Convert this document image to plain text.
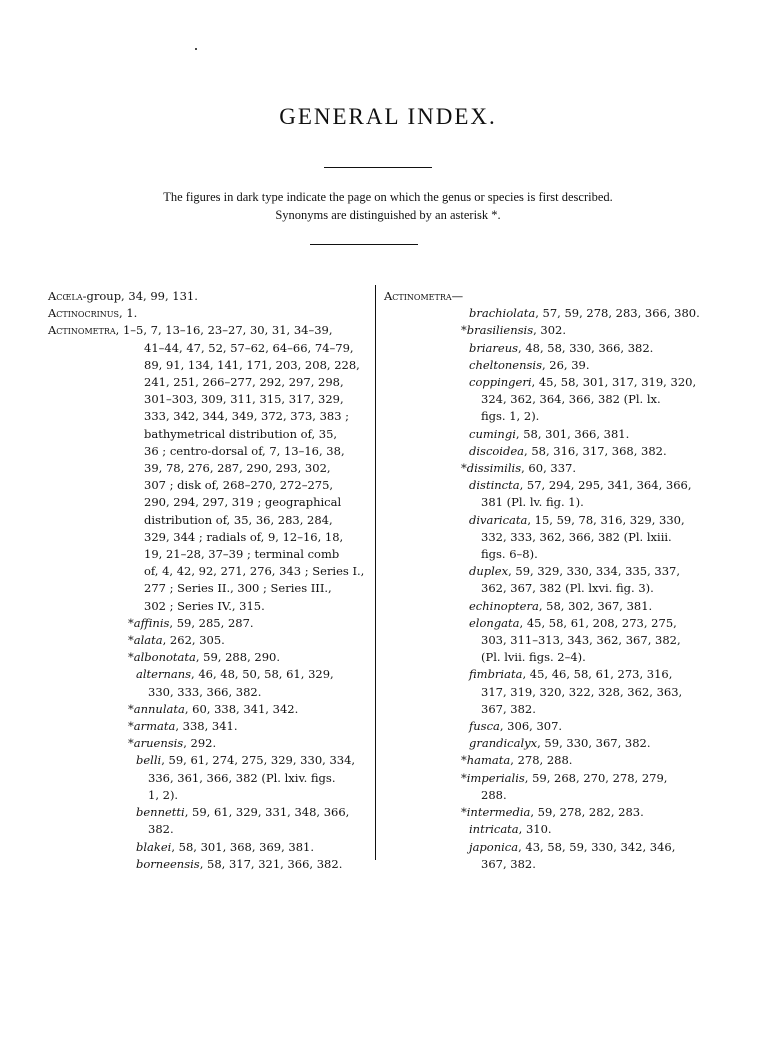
GENERAL INDEX.
The figures in dark type indicate the page on which the genus or species is first described.
Synonyms are distinguished by an asterisk *.

Acœla-group, 34, 99, 131.

Actinocrinus, 1.

Actinometra, 1–5, 7, 13–16, 23–27, 30, 31, 34–39,

41–44, 47, 52, 57–62, 64–66, 74–79,

89, 91, 134, 141, 171, 203, 208, 228,

241, 251, 266–277, 292, 297, 298,

301–303, 309, 311, 315, 317, 329,

333, 342, 344, 349, 372, 373, 383 ;

bathymetrical distribution of, 35,

36 ; centro-dorsal of, 7, 13–16, 38,

39, 78, 276, 287, 290, 293, 302,

307 ; disk of, 268–270, 272–275,

290, 294, 297, 319 ; geographical

distribution of, 35, 36, 283, 284,

329, 344 ; radials of, 9, 12–16, 18,

19, 21–28, 37–39 ; terminal comb

of, 4, 42, 92, 271, 276, 343 ; Series I.,

277 ; Series II., 300 ; Series III.,

302 ; Series IV., 315.

*affinis, 59, 285, 287.

*alata, 262, 305.

*albonotata, 59, 288, 290.

alternans, 46, 48, 50, 58, 61, 329,

330, 333, 366, 382.

*annulata, 60, 338, 341, 342.

*armata, 338, 341.

*aruensis, 292.

belli, 59, 61, 274, 275, 329, 330, 334,

336, 361, 366, 382 (Pl. lxiv. figs.

1, 2).

bennetti, 59, 61, 329, 331, 348, 366,

382.

blakei, 58, 301, 368, 369, 381.

borneensis, 58, 317, 321, 366, 382.

Actinometra—

brachiolata, 57, 59, 278, 283, 366, 380.

*brasiliensis, 302.

briareus, 48, 58, 330, 366, 382.

cheltonensis, 26, 39.

coppingeri, 45, 58, 301, 317, 319, 320,

324, 362, 364, 366, 382 (Pl. lx.

figs. 1, 2).

cumingi, 58, 301, 366, 381.

discoidea, 58, 316, 317, 368, 382.

*dissimilis, 60, 337.

distincta, 57, 294, 295, 341, 364, 366,

381 (Pl. lv. fig. 1).

divaricata, 15, 59, 78, 316, 329, 330,

332, 333, 362, 366, 382 (Pl. lxiii.

figs. 6–8).

duplex, 59, 329, 330, 334, 335, 337,

362, 367, 382 (Pl. lxvi. fig. 3).

echinoptera, 58, 302, 367, 381.

elongata, 45, 58, 61, 208, 273, 275,

303, 311–313, 343, 362, 367, 382,

(Pl. lvii. figs. 2–4).

fimbriata, 45, 46, 58, 61, 273, 316,

317, 319, 320, 322, 328, 362, 363,

367, 382.

fusca, 306, 307.

grandicalyx, 59, 330, 367, 382.

*hamata, 278, 288.

*imperialis, 59, 268, 270, 278, 279,

288.

*intermedia, 59, 278, 282, 283.

intricata, 310.

japonica, 43, 58, 59, 330, 342, 346,

367, 382.
